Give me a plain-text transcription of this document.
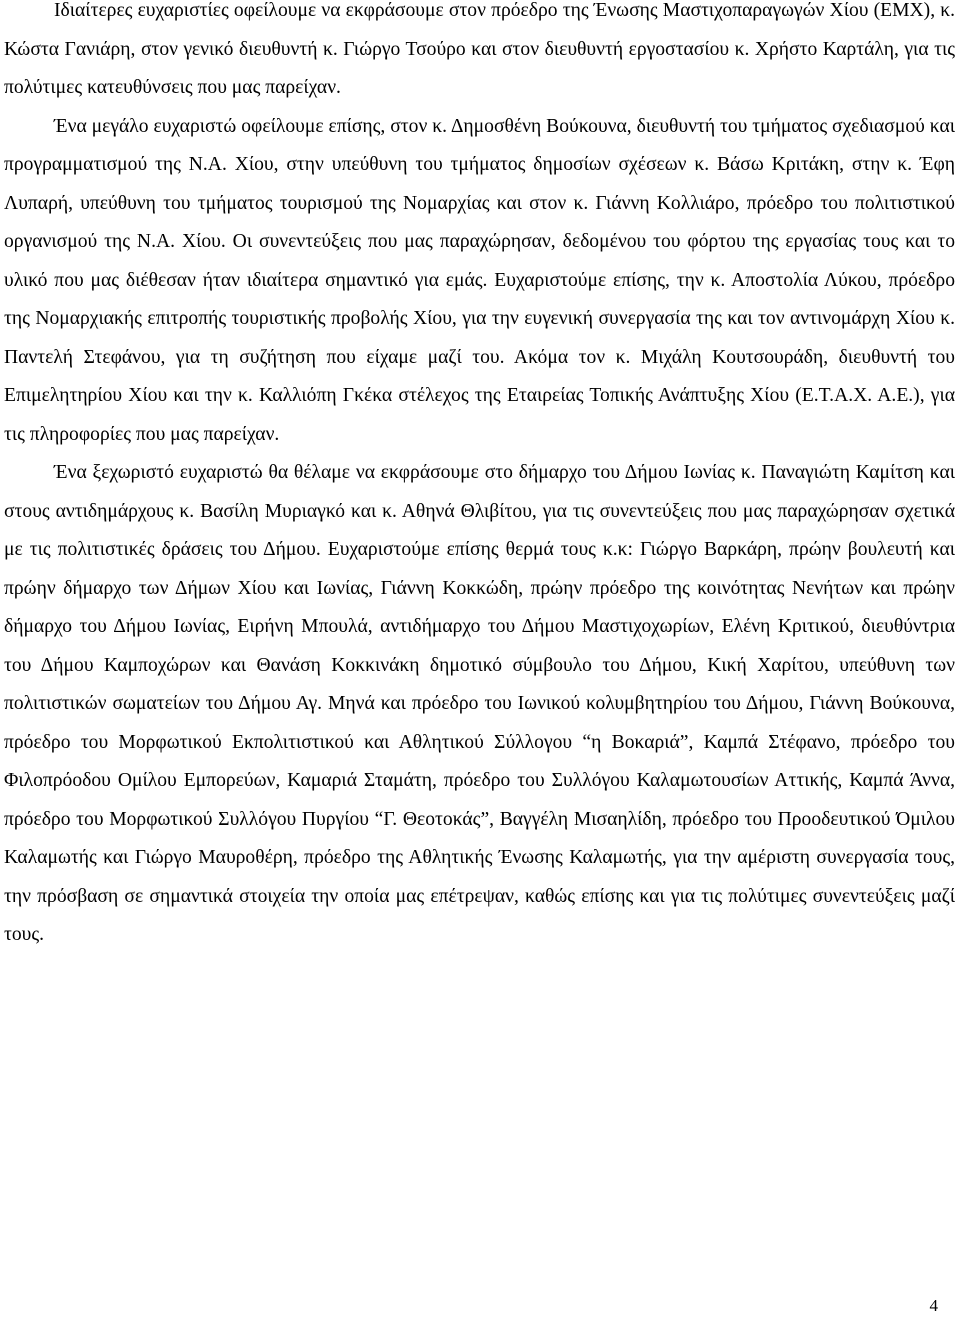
Ιδιαίτερες ευχαριστίες οφείλουμε να εκφράσουμε στον πρόεδρο της Ένωσης Μαστιχοπαραγωγών Χίου (ΕΜΧ), κ. Κώστα Γανιάρη, στον γενικό διευθυντή κ. Γιώργο Τσούρο και στον διευθυντή εργοστασίου κ. Χρήστο Καρτάλη, για τις πολύτιμες κατευθύνσεις που μας παρείχαν.

Ένα μεγάλο ευχαριστώ οφείλουμε επίσης, στον κ. Δημοσθένη Βούκουνα, διευθυντή του τμήματος σχεδιασμού και προγραμματισμού της Ν.Α. Χίου, στην υπεύθυνη του τμήματος δημοσίων σχέσεων κ. Βάσω Κριτάκη, στην κ. Έφη Λυπαρή, υπεύθυνη του τμήματος τουρισμού της Νομαρχίας και στον κ. Γιάννη Κολλιάρο, πρόεδρο του πολιτιστικού οργανισμού της Ν.Α. Χίου. Οι συνεντεύξεις που μας παραχώρησαν, δεδομένου του φόρτου της εργασίας τους και το υλικό που μας διέθεσαν ήταν ιδιαίτερα σημαντικό για εμάς. Ευχαριστούμε επίσης, την κ. Αποστολία Λύκου, πρόεδρο της Νομαρχιακής επιτροπής τουριστικής προβολής Χίου, για την ευγενική συνεργασία της και τον αντινομάρχη Χίου κ. Παντελή Στεφάνου, για τη συζήτηση που είχαμε μαζί του. Ακόμα τον κ. Μιχάλη Κουτσουράδη, διευθυντή του Επιμελητηρίου Χίου και την κ. Καλλιόπη Γκέκα στέλεχος της Εταιρείας Τοπικής Ανάπτυξης Χίου (Ε.Τ.Α.Χ. Α.Ε.), για τις πληροφορίες που μας παρείχαν.

Ένα ξεχωριστό ευχαριστώ θα θέλαμε να εκφράσουμε στο δήμαρχο του Δήμου Ιωνίας κ. Παναγιώτη Καμίτση και στους αντιδημάρχους κ. Βασίλη Μυριαγκό και κ. Αθηνά Θλιβίτου, για τις συνεντεύξεις που μας παραχώρησαν σχετικά με τις πολιτιστικές δράσεις του Δήμου. Ευχαριστούμε επίσης θερμά τους κ.κ: Γιώργο Βαρκάρη, πρώην βουλευτή και πρώην δήμαρχο των Δήμων Χίου και Ιωνίας, Γιάννη Κοκκώδη, πρώην πρόεδρο της κοινότητας Νενήτων και πρώην δήμαρχο του Δήμου Ιωνίας, Ειρήνη Μπουλά, αντιδήμαρχο του Δήμου Μαστιχοχωρίων, Ελένη Κριτικού, διευθύντρια του Δήμου Καμποχώρων και Θανάση Κοκκινάκη δημοτικό σύμβουλο του Δήμου, Κική Χαρίτου, υπεύθυνη των πολιτιστικών σωματείων του Δήμου Αγ. Μηνά και πρόεδρο του Ιωνικού κολυμβητηρίου του Δήμου, Γιάννη Βούκουνα, πρόεδρο του Μορφωτικού Εκπολιτιστικού και Αθλητικού Σύλλογου “η Βοκαριά”, Καμπά Στέφανο, πρόεδρο του Φιλοπρόοδου Ομίλου Εμπορεύων, Καμαριά Σταμάτη, πρόεδρο του Συλλόγου Καλαμωτουσίων Αττικής, Καμπά Άννα, πρόεδρο του Μορφωτικού Συλλόγου Πυργίου “Γ. Θεοτοκάς”, Βαγγέλη Μισαηλίδη, πρόεδρο του Προοδευτικού Όμιλου Καλαμωτής και Γιώργο Μαυροθέρη, πρόεδρο της Αθλητικής Ένωσης Καλαμωτής, για την αμέριστη συνεργασία τους, την πρόσβαση σε σημαντικά στοιχεία την οποία μας επέτρεψαν, καθώς επίσης και για τις πολύτιμες συνεντεύξεις μαζί τους.

4
